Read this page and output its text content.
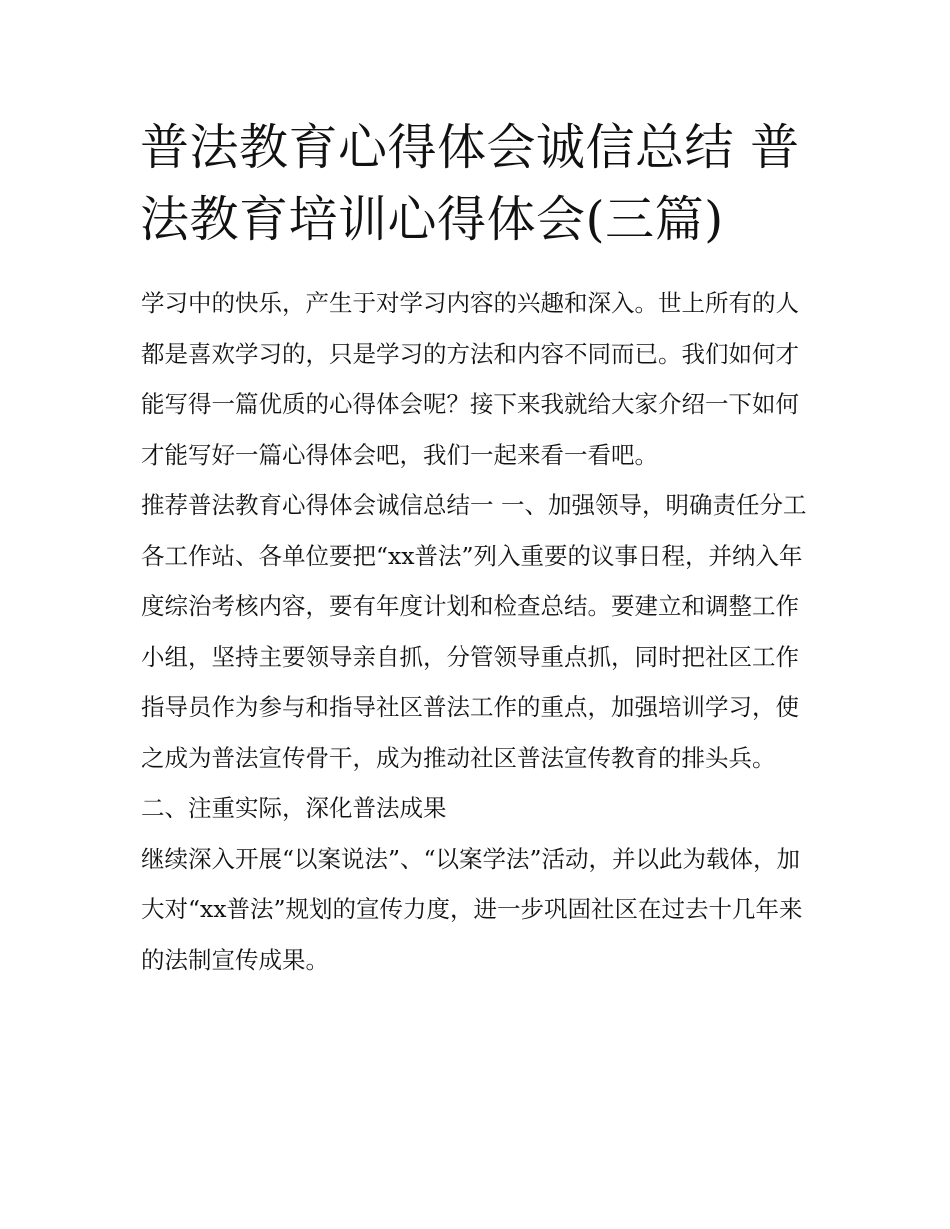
普法教育心得体会诚信总结 普法教育培训心得体会(三篇)

学习中的快乐，产生于对学习内容的兴趣和深入。世上所有的人都是喜欢学习的，只是学习的方法和内容不同而已。我们如何才能写得一篇优质的心得体会呢？接下来我就给大家介绍一下如何才能写好一篇心得体会吧，我们一起来看一看吧。

推荐普法教育心得体会诚信总结一 一、加强领导，明确责任分工

各工作站、各单位要把“xx普法”列入重要的议事日程，并纳入年度综治考核内容，要有年度计划和检查总结。要建立和调整工作小组，坚持主要领导亲自抓，分管领导重点抓，同时把社区工作指导员作为参与和指导社区普法工作的重点，加强培训学习，使之成为普法宣传骨干，成为推动社区普法宣传教育的排头兵。

二、注重实际，深化普法成果

继续深入开展“以案说法”、“以案学法”活动，并以此为载体，加大对“xx普法”规划的宣传力度，进一步巩固社区在过去十几年来的法制宣传成果。
